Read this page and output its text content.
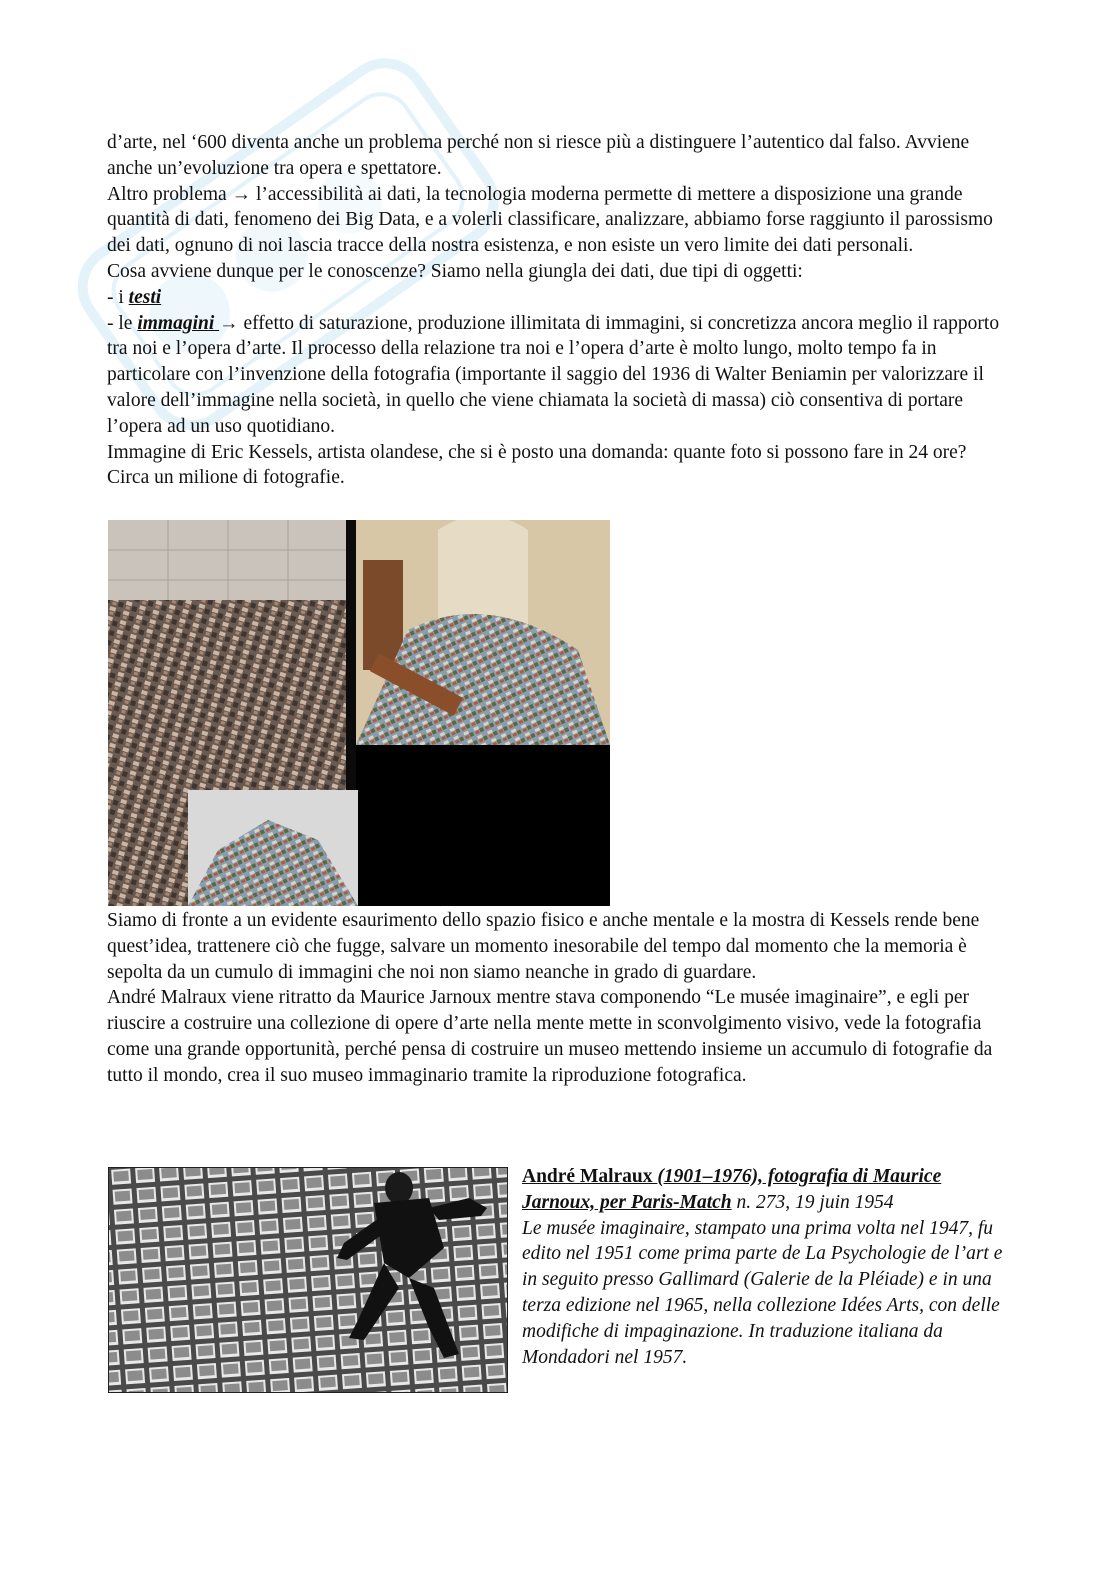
d’arte, nel ‘600 diventa anche un problema perché non si riesce più a distinguere l’autentico dal falso. Avviene anche un’evoluzione tra opera e spettatore.

Altro problema → l’accessibilità ai dati, la tecnologia moderna permette di mettere a disposizione una grande quantità di dati, fenomeno dei Big Data, e a volerli classificare, analizzare, abbiamo forse raggiunto il parossismo dei dati, ognuno di noi lascia tracce della nostra esistenza, e non esiste un vero limite dei dati personali.

Cosa avviene dunque per le conoscenze? Siamo nella giungla dei dati, due tipi di oggetti:

- i testi

- le immagini → effetto di saturazione, produzione illimitata di immagini, si concretizza ancora meglio il rapporto tra noi e l’opera d’arte. Il processo della relazione tra noi e l’opera d’arte è molto lungo, molto tempo fa in particolare con l’invenzione della fotografia (importante il saggio del 1936 di Walter Beniamin per valorizzare il valore dell’immagine nella società, in quello che viene chiamata la società di massa) ciò consentiva di portare l’opera ad un uso quotidiano.

Immagine di Eric Kessels, artista olandese, che si è posto una domanda: quante foto si possono fare in 24 ore? Circa un milione di fotografie.

Siamo di fronte a un evidente esaurimento dello spazio fisico e anche mentale e la mostra di Kessels rende bene quest’idea, trattenere ciò che fugge, salvare un momento inesorabile del tempo dal momento che la memoria è sepolta da un cumulo di immagini che noi non siamo neanche in grado di guardare.

André Malraux viene ritratto da Maurice Jarnoux mentre stava componendo “Le musée imaginaire”, e egli per riuscire a costruire una collezione di opere d’arte nella mente mette in sconvolgimento visivo, vede la fotografia come una grande opportunità, perché pensa di costruire un museo mettendo insieme un accumulo di fotografie da tutto il mondo, crea il suo museo immaginario tramite la riproduzione fotografica.

André Malraux (1901–1976), fotografia di Maurice Jarnoux, per Paris-Match n. 273, 19 juin 1954

Le musée imaginaire, stampato una prima volta nel 1947, fu edito nel 1951 come prima parte de La Psychologie de l’art e in seguito presso Gallimard (Galerie de la Pléiade) e in una terza edizione nel 1965, nella collezione Idées Arts, con delle modifiche di impaginazione. In traduzione italiana da Mondadori nel 1957.
